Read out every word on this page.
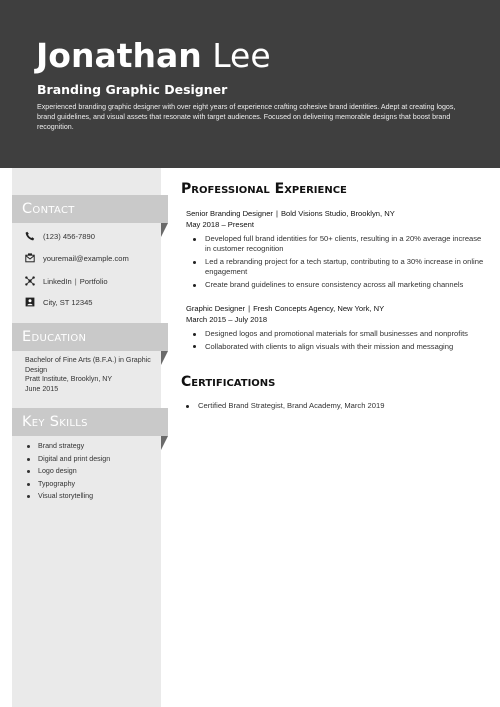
Jonathan Lee
Branding Graphic Designer
Experienced branding graphic designer with over eight years of experience crafting cohesive brand identities. Adept at creating logos, brand guidelines, and visual assets that resonate with target audiences. Focused on delivering memorable designs that boost brand recognition.
Contact
(123) 456-7890
youremail@example.com
LinkedIn | Portfolio
City, ST 12345
Education
Bachelor of Fine Arts (B.F.A.) in Graphic Design
Pratt Institute, Brooklyn, NY
June 2015
Key Skills
Brand strategy
Digital and print design
Logo design
Typography
Visual storytelling
Professional Experience
Senior Branding Designer | Bold Visions Studio, Brooklyn, NY
May 2018 – Present
Developed full brand identities for 50+ clients, resulting in a 20% average increase in customer recognition
Led a rebranding project for a tech startup, contributing to a 30% increase in online engagement
Create brand guidelines to ensure consistency across all marketing channels
Graphic Designer | Fresh Concepts Agency, New York, NY
March 2015 – July 2018
Designed logos and promotional materials for small businesses and nonprofits
Collaborated with clients to align visuals with their mission and messaging
Certifications
Certified Brand Strategist, Brand Academy, March 2019
